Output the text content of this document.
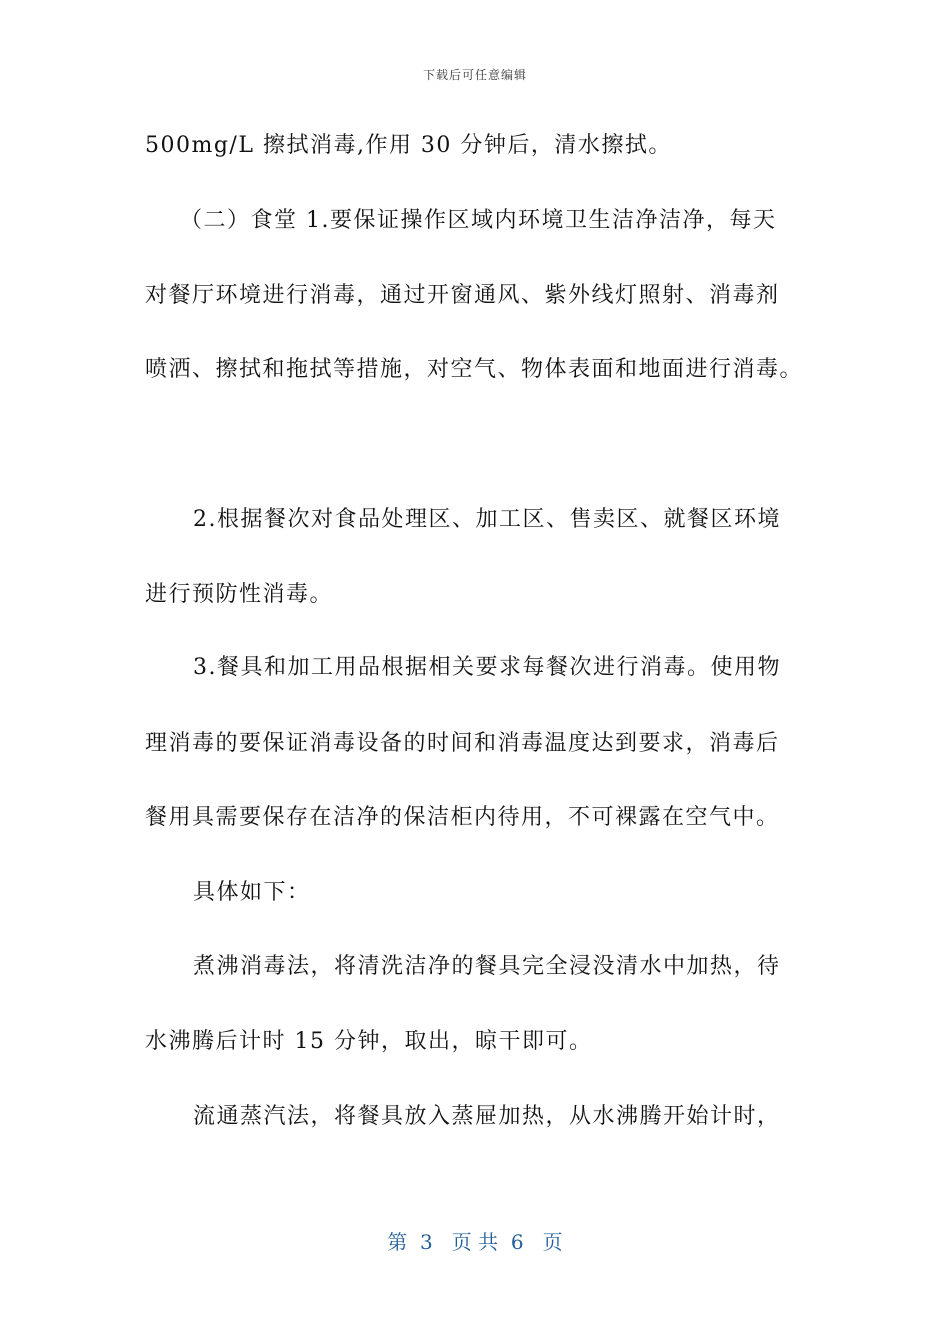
下载后可任意编辑
500mg/L 擦拭消毒,作用 30 分钟后，清水擦拭。
（二）食堂 1.要保证操作区域内环境卫生洁净洁净，每天
对餐厅环境进行消毒，通过开窗通风、紫外线灯照射、消毒剂
喷洒、擦拭和拖拭等措施，对空气、物体表面和地面进行消毒。
2.根据餐次对食品处理区、加工区、售卖区、就餐区环境
进行预防性消毒。
3.餐具和加工用品根据相关要求每餐次进行消毒。使用物
理消毒的要保证消毒设备的时间和消毒温度达到要求，消毒后
餐用具需要保存在洁净的保洁柜内待用，不可裸露在空气中。
具体如下：
煮沸消毒法，将清洗洁净的餐具完全浸没清水中加热，待
水沸腾后计时 15 分钟，取出，晾干即可。
流通蒸汽法，将餐具放入蒸屉加热，从水沸腾开始计时，
第  3   页 共  6   页
